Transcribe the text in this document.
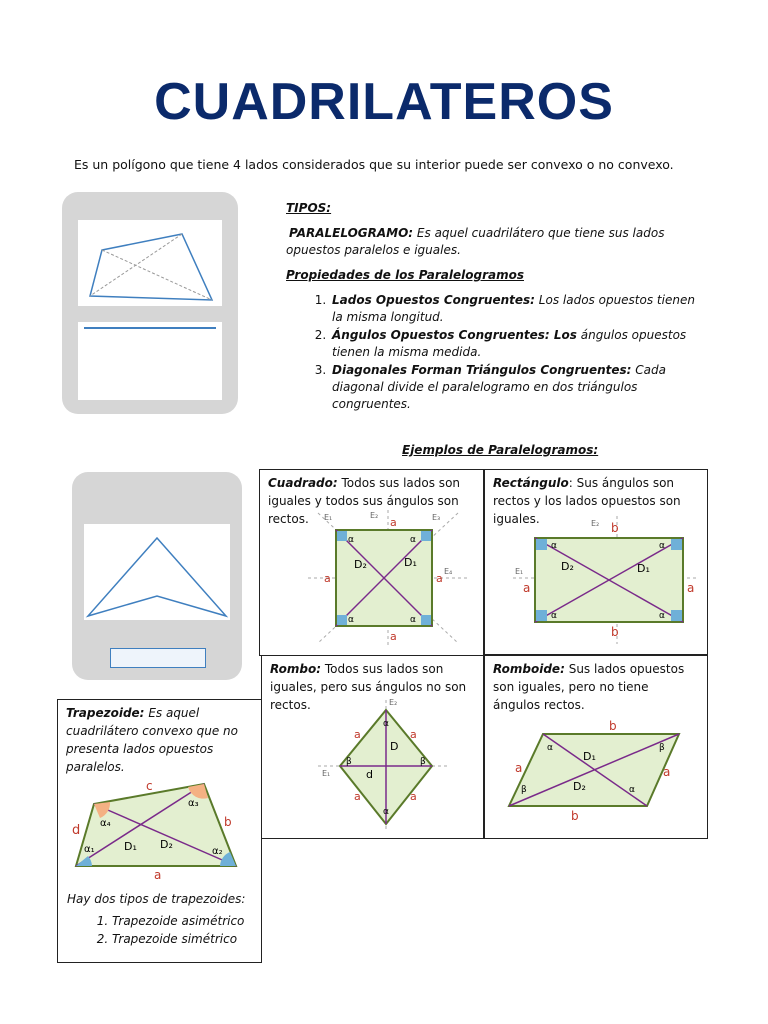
CUADRILATEROS
Es un polígono que tiene 4 lados considerados que su interior puede ser convexo o no convexo.

TIPOS:

PARALELOGRAMO: Es aquel cuadrilátero que tiene sus lados opuestos paralelos e iguales.

Propiedades de los Paralelogramos

1. Lados Opuestos Congruentes: Los lados opuestos tienen la misma longitud.
2. Ángulos Opuestos Congruentes: Los ángulos opuestos tienen la misma medida.
3. Diagonales Forman Triángulos Congruentes: Cada diagonal divide el paralelogramo en dos triángulos congruentes.
Ejemplos de Paralelogramos:
Cuadrado: Todos sus lados son iguales y todos sus ángulos son rectos.	a
a
a	a
D₂	D₁
α	α
α	α
E₁	E₂	E₃
E₄
Rectángulo: Sus ángulos son rectos y los lados opuestos son iguales.
b
b
a	a
D₂	D₁
α	α
α	α
E₁
E₂
Rombo: Todos sus lados son iguales, pero sus ángulos no son rectos.
a	a
a	a
D
d
α
α
β	β
E₁
E₂
Romboide: Sus lados opuestos son iguales, pero no tiene ángulos rectos.
b
b
a	a
D₁
D₂
α
α
β
β
Trapezoide: Es aquel cuadrilátero convexo que no presenta lados opuestos paralelos.
c
d
b
a
D₁ D₂
α₁	α₂
α₃
α₄
Hay dos tipos de trapezoides:
1. Trapezoide asimétrico
2. Trapezoide simétrico
